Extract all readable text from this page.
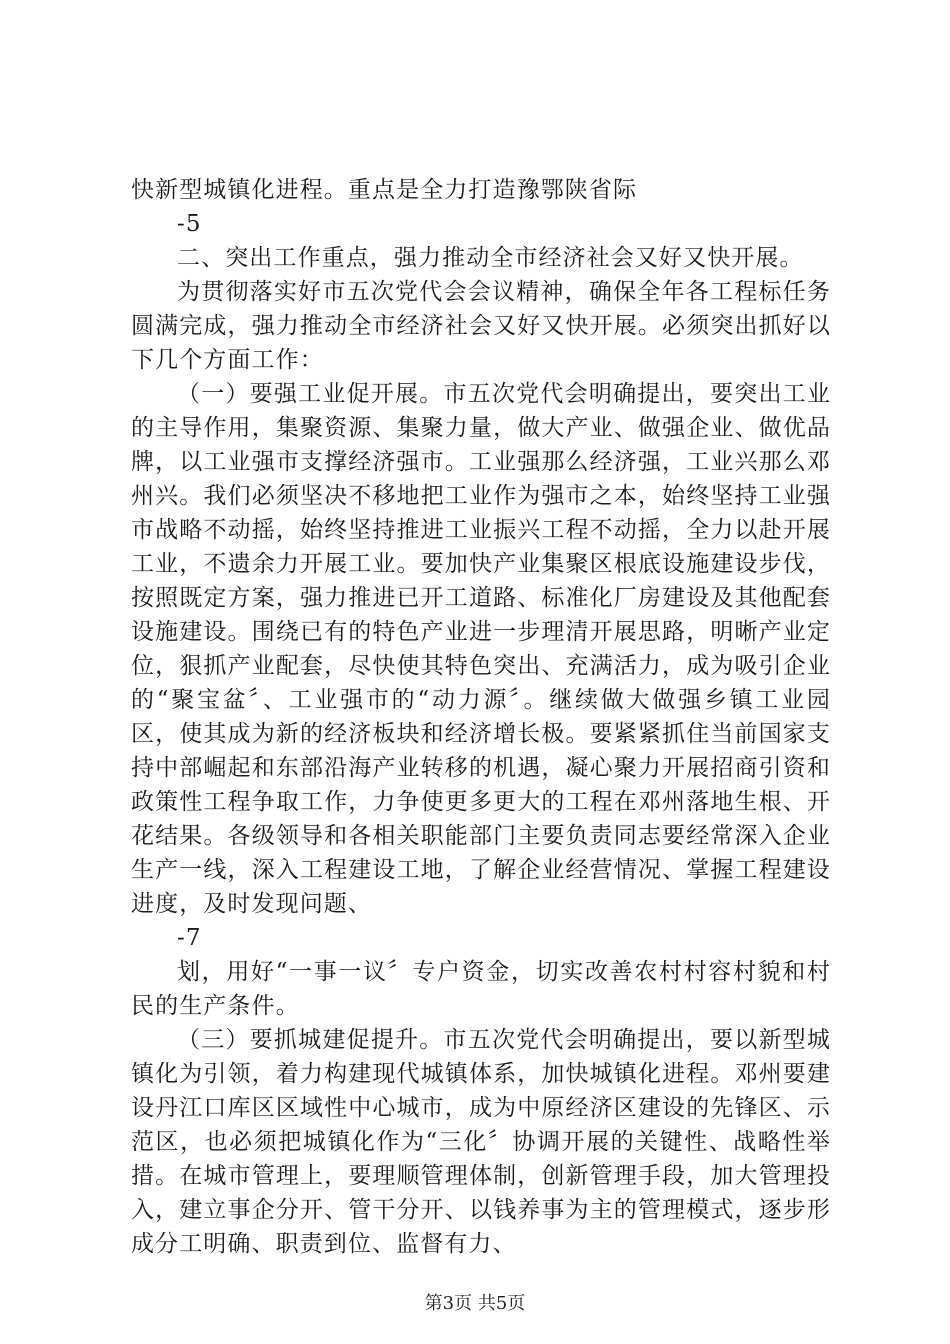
快新型城镇化进程。重点是全力打造豫鄂陕省际

-5

二、突出工作重点，强力推动全市经济社会又好又快开展。

为贯彻落实好市五次党代会会议精神，确保全年各工程标任务圆满完成，强力推动全市经济社会又好又快开展。必须突出抓好以下几个方面工作：

（一）要强工业促开展。市五次党代会明确提出，要突出工业的主导作用，集聚资源、集聚力量，做大产业、做强企业、做优品牌，以工业强市支撑经济强市。工业强那么经济强，工业兴那么邓州兴。我们必须坚决不移地把工业作为强市之本，始终坚持工业强市战略不动摇，始终坚持推进工业振兴工程不动摇，全力以赴开展工业，不遗余力开展工业。要加快产业集聚区根底设施建设步伐，按照既定方案，强力推进已开工道路、标准化厂房建设及其他配套设施建设。围绕已有的特色产业进一步理清开展思路，明晰产业定位，狠抓产业配套，尽快使其特色突出、充满活力，成为吸引企业的“聚宝盆〞、工业强市的“动力源〞。继续做大做强乡镇工业园区，使其成为新的经济板块和经济增长极。要紧紧抓住当前国家支持中部崛起和东部沿海产业转移的机遇，凝心聚力开展招商引资和政策性工程争取工作，力争使更多更大的工程在邓州落地生根、开花结果。各级领导和各相关职能部门主要负责同志要经常深入企业生产一线，深入工程建设工地，了解企业经营情况、掌握工程建设进度，及时发现问题、

-7

划，用好“一事一议〞专户资金，切实改善农村村容村貌和村民的生产条件。

（三）要抓城建促提升。市五次党代会明确提出，要以新型城镇化为引领，着力构建现代城镇体系，加快城镇化进程。邓州要建设丹江口库区区域性中心城市，成为中原经济区建设的先锋区、示范区，也必须把城镇化作为“三化〞协调开展的关键性、战略性举措。在城市管理上，要理顺管理体制，创新管理手段，加大管理投入，建立事企分开、管干分开、以钱养事为主的管理模式，逐步形成分工明确、职责到位、监督有力、

第3页 共5页
